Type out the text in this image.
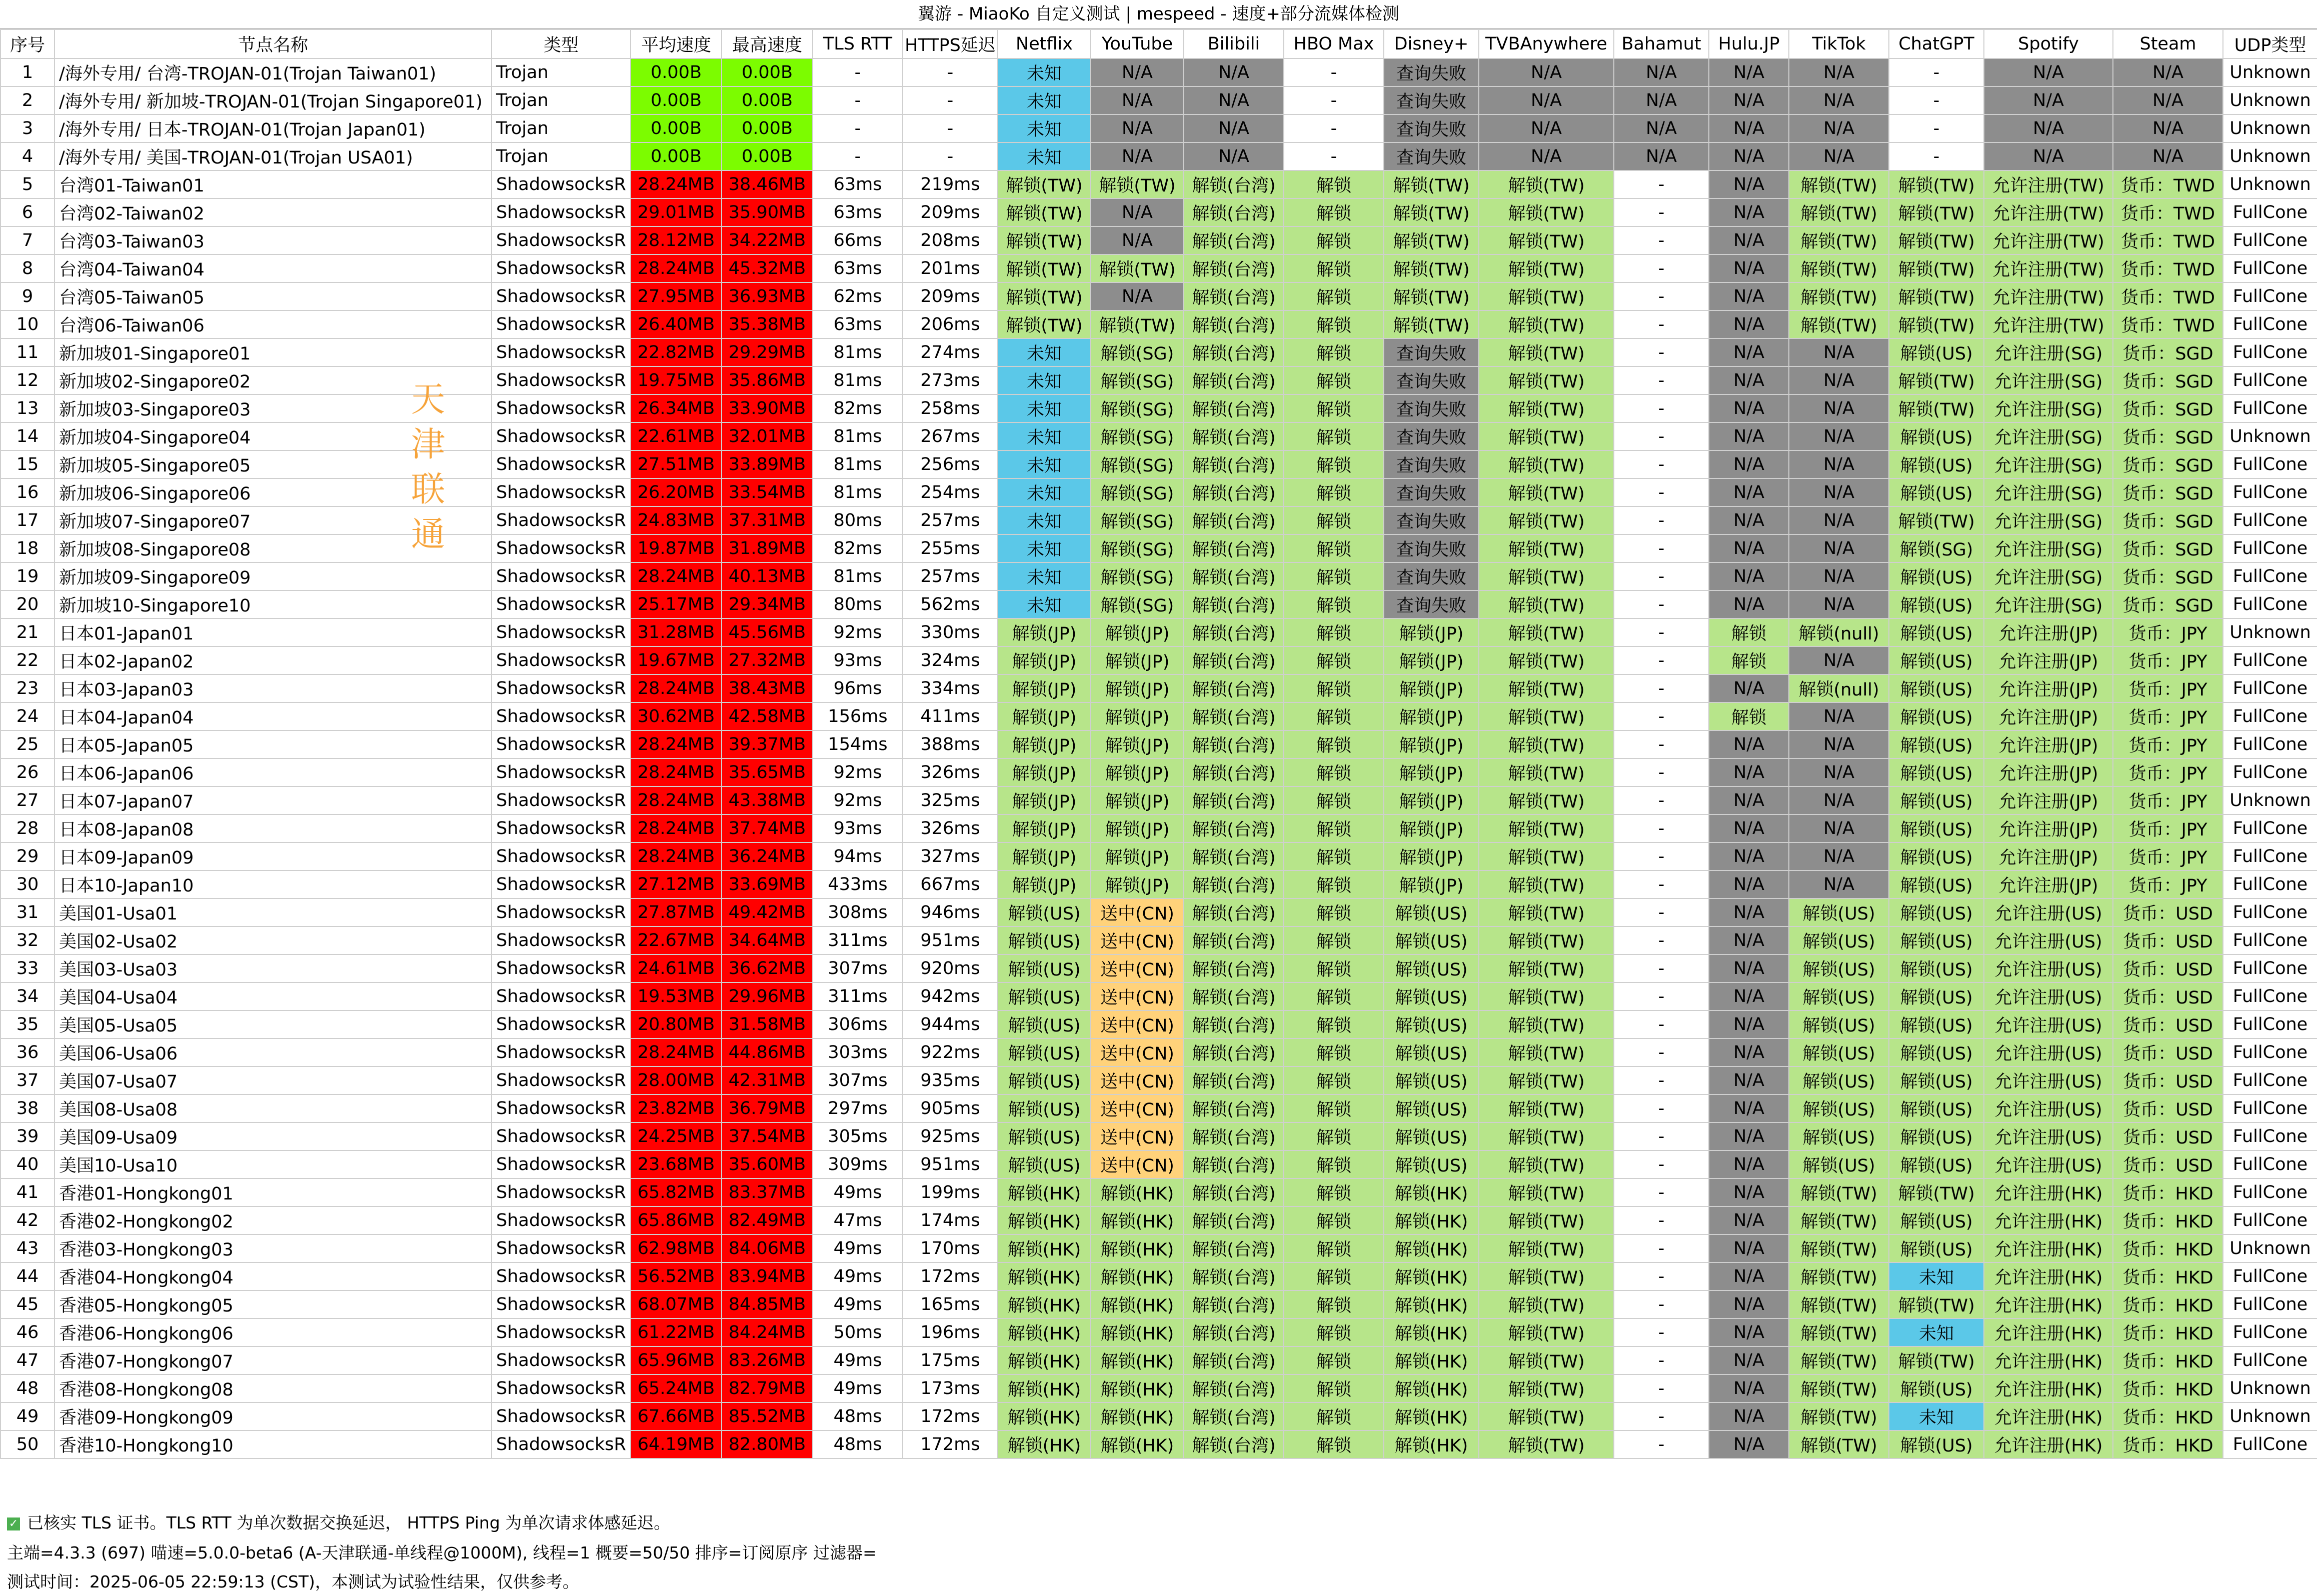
翼游 - MiaoKo 自定义测试 | mespeed - 速度+部分流媒体检测
序号	节点名称	类型	平均速度	最高速度	TLS RTT	HTTPS延迟	Netflix	YouTube	Bilibili	HBO Max	Disney+	TVBAnywhere	Bahamut	Hulu.JP	TikTok	ChatGPT	Spotify	Steam	UDP类型
1	/海外专用/ 台湾-TROJAN-01(Trojan Taiwan01)	Trojan	0.00B	0.00B	-	-	未知	N/A	N/A	-	查询失败	N/A	N/A	N/A	N/A	-	N/A	N/A	Unknown
2	/海外专用/ 新加坡-TROJAN-01(Trojan Singapore01)	Trojan	0.00B	0.00B	-	-	未知	N/A	N/A	-	查询失败	N/A	N/A	N/A	N/A	-	N/A	N/A	Unknown
3	/海外专用/ 日本-TROJAN-01(Trojan Japan01)	Trojan	0.00B	0.00B	-	-	未知	N/A	N/A	-	查询失败	N/A	N/A	N/A	N/A	-	N/A	N/A	Unknown
4	/海外专用/ 美国-TROJAN-01(Trojan USA01)	Trojan	0.00B	0.00B	-	-	未知	N/A	N/A	-	查询失败	N/A	N/A	N/A	N/A	-	N/A	N/A	Unknown
5	台湾01-Taiwan01	ShadowsocksR	28.24MB	38.46MB	63ms	219ms	解锁(TW)	解锁(TW)	解锁(台湾)	解锁	解锁(TW)	解锁(TW)	-	N/A	解锁(TW)	解锁(TW)	允许注册(TW)	货币：TWD	Unknown
6	台湾02-Taiwan02	ShadowsocksR	29.01MB	35.90MB	63ms	209ms	解锁(TW)	N/A	解锁(台湾)	解锁	解锁(TW)	解锁(TW)	-	N/A	解锁(TW)	解锁(TW)	允许注册(TW)	货币：TWD	FullCone
7	台湾03-Taiwan03	ShadowsocksR	28.12MB	34.22MB	66ms	208ms	解锁(TW)	N/A	解锁(台湾)	解锁	解锁(TW)	解锁(TW)	-	N/A	解锁(TW)	解锁(TW)	允许注册(TW)	货币：TWD	FullCone
8	台湾04-Taiwan04	ShadowsocksR	28.24MB	45.32MB	63ms	201ms	解锁(TW)	解锁(TW)	解锁(台湾)	解锁	解锁(TW)	解锁(TW)	-	N/A	解锁(TW)	解锁(TW)	允许注册(TW)	货币：TWD	FullCone
9	台湾05-Taiwan05	ShadowsocksR	27.95MB	36.93MB	62ms	209ms	解锁(TW)	N/A	解锁(台湾)	解锁	解锁(TW)	解锁(TW)	-	N/A	解锁(TW)	解锁(TW)	允许注册(TW)	货币：TWD	FullCone
10	台湾06-Taiwan06	ShadowsocksR	26.40MB	35.38MB	63ms	206ms	解锁(TW)	解锁(TW)	解锁(台湾)	解锁	解锁(TW)	解锁(TW)	-	N/A	解锁(TW)	解锁(TW)	允许注册(TW)	货币：TWD	FullCone
11	新加坡01-Singapore01	ShadowsocksR	22.82MB	29.29MB	81ms	274ms	未知	解锁(SG)	解锁(台湾)	解锁	查询失败	解锁(TW)	-	N/A	N/A	解锁(US)	允许注册(SG)	货币：SGD	FullCone
12	新加坡02-Singapore02	ShadowsocksR	19.75MB	35.86MB	81ms	273ms	未知	解锁(SG)	解锁(台湾)	解锁	查询失败	解锁(TW)	-	N/A	N/A	解锁(TW)	允许注册(SG)	货币：SGD	FullCone
13	新加坡03-Singapore03	ShadowsocksR	26.34MB	33.90MB	82ms	258ms	未知	解锁(SG)	解锁(台湾)	解锁	查询失败	解锁(TW)	-	N/A	N/A	解锁(TW)	允许注册(SG)	货币：SGD	FullCone
14	新加坡04-Singapore04	ShadowsocksR	22.61MB	32.01MB	81ms	267ms	未知	解锁(SG)	解锁(台湾)	解锁	查询失败	解锁(TW)	-	N/A	N/A	解锁(US)	允许注册(SG)	货币：SGD	Unknown
15	新加坡05-Singapore05	ShadowsocksR	27.51MB	33.89MB	81ms	256ms	未知	解锁(SG)	解锁(台湾)	解锁	查询失败	解锁(TW)	-	N/A	N/A	解锁(US)	允许注册(SG)	货币：SGD	FullCone
16	新加坡06-Singapore06	ShadowsocksR	26.20MB	33.54MB	81ms	254ms	未知	解锁(SG)	解锁(台湾)	解锁	查询失败	解锁(TW)	-	N/A	N/A	解锁(US)	允许注册(SG)	货币：SGD	FullCone
17	新加坡07-Singapore07	ShadowsocksR	24.83MB	37.31MB	80ms	257ms	未知	解锁(SG)	解锁(台湾)	解锁	查询失败	解锁(TW)	-	N/A	N/A	解锁(TW)	允许注册(SG)	货币：SGD	FullCone
18	新加坡08-Singapore08	ShadowsocksR	19.87MB	31.89MB	82ms	255ms	未知	解锁(SG)	解锁(台湾)	解锁	查询失败	解锁(TW)	-	N/A	N/A	解锁(SG)	允许注册(SG)	货币：SGD	FullCone
19	新加坡09-Singapore09	ShadowsocksR	28.24MB	40.13MB	81ms	257ms	未知	解锁(SG)	解锁(台湾)	解锁	查询失败	解锁(TW)	-	N/A	N/A	解锁(US)	允许注册(SG)	货币：SGD	FullCone
20	新加坡10-Singapore10	ShadowsocksR	25.17MB	29.34MB	80ms	562ms	未知	解锁(SG)	解锁(台湾)	解锁	查询失败	解锁(TW)	-	N/A	N/A	解锁(US)	允许注册(SG)	货币：SGD	FullCone
21	日本01-Japan01	ShadowsocksR	31.28MB	45.56MB	92ms	330ms	解锁(JP)	解锁(JP)	解锁(台湾)	解锁	解锁(JP)	解锁(TW)	-	解锁	解锁(null)	解锁(US)	允许注册(JP)	货币：JPY	Unknown
22	日本02-Japan02	ShadowsocksR	19.67MB	27.32MB	93ms	324ms	解锁(JP)	解锁(JP)	解锁(台湾)	解锁	解锁(JP)	解锁(TW)	-	解锁	N/A	解锁(US)	允许注册(JP)	货币：JPY	FullCone
23	日本03-Japan03	ShadowsocksR	28.24MB	38.43MB	96ms	334ms	解锁(JP)	解锁(JP)	解锁(台湾)	解锁	解锁(JP)	解锁(TW)	-	N/A	解锁(null)	解锁(US)	允许注册(JP)	货币：JPY	FullCone
24	日本04-Japan04	ShadowsocksR	30.62MB	42.58MB	156ms	411ms	解锁(JP)	解锁(JP)	解锁(台湾)	解锁	解锁(JP)	解锁(TW)	-	解锁	N/A	解锁(US)	允许注册(JP)	货币：JPY	FullCone
25	日本05-Japan05	ShadowsocksR	28.24MB	39.37MB	154ms	388ms	解锁(JP)	解锁(JP)	解锁(台湾)	解锁	解锁(JP)	解锁(TW)	-	N/A	N/A	解锁(US)	允许注册(JP)	货币：JPY	FullCone
26	日本06-Japan06	ShadowsocksR	28.24MB	35.65MB	92ms	326ms	解锁(JP)	解锁(JP)	解锁(台湾)	解锁	解锁(JP)	解锁(TW)	-	N/A	N/A	解锁(US)	允许注册(JP)	货币：JPY	FullCone
27	日本07-Japan07	ShadowsocksR	28.24MB	43.38MB	92ms	325ms	解锁(JP)	解锁(JP)	解锁(台湾)	解锁	解锁(JP)	解锁(TW)	-	N/A	N/A	解锁(US)	允许注册(JP)	货币：JPY	Unknown
28	日本08-Japan08	ShadowsocksR	28.24MB	37.74MB	93ms	326ms	解锁(JP)	解锁(JP)	解锁(台湾)	解锁	解锁(JP)	解锁(TW)	-	N/A	N/A	解锁(US)	允许注册(JP)	货币：JPY	FullCone
29	日本09-Japan09	ShadowsocksR	28.24MB	36.24MB	94ms	327ms	解锁(JP)	解锁(JP)	解锁(台湾)	解锁	解锁(JP)	解锁(TW)	-	N/A	N/A	解锁(US)	允许注册(JP)	货币：JPY	FullCone
30	日本10-Japan10	ShadowsocksR	27.12MB	33.69MB	433ms	667ms	解锁(JP)	解锁(JP)	解锁(台湾)	解锁	解锁(JP)	解锁(TW)	-	N/A	N/A	解锁(US)	允许注册(JP)	货币：JPY	FullCone
31	美国01-Usa01	ShadowsocksR	27.87MB	49.42MB	308ms	946ms	解锁(US)	送中(CN)	解锁(台湾)	解锁	解锁(US)	解锁(TW)	-	N/A	解锁(US)	解锁(US)	允许注册(US)	货币：USD	FullCone
32	美国02-Usa02	ShadowsocksR	22.67MB	34.64MB	311ms	951ms	解锁(US)	送中(CN)	解锁(台湾)	解锁	解锁(US)	解锁(TW)	-	N/A	解锁(US)	解锁(US)	允许注册(US)	货币：USD	FullCone
33	美国03-Usa03	ShadowsocksR	24.61MB	36.62MB	307ms	920ms	解锁(US)	送中(CN)	解锁(台湾)	解锁	解锁(US)	解锁(TW)	-	N/A	解锁(US)	解锁(US)	允许注册(US)	货币：USD	FullCone
34	美国04-Usa04	ShadowsocksR	19.53MB	29.96MB	311ms	942ms	解锁(US)	送中(CN)	解锁(台湾)	解锁	解锁(US)	解锁(TW)	-	N/A	解锁(US)	解锁(US)	允许注册(US)	货币：USD	FullCone
35	美国05-Usa05	ShadowsocksR	20.80MB	31.58MB	306ms	944ms	解锁(US)	送中(CN)	解锁(台湾)	解锁	解锁(US)	解锁(TW)	-	N/A	解锁(US)	解锁(US)	允许注册(US)	货币：USD	FullCone
36	美国06-Usa06	ShadowsocksR	28.24MB	44.86MB	303ms	922ms	解锁(US)	送中(CN)	解锁(台湾)	解锁	解锁(US)	解锁(TW)	-	N/A	解锁(US)	解锁(US)	允许注册(US)	货币：USD	FullCone
37	美国07-Usa07	ShadowsocksR	28.00MB	42.31MB	307ms	935ms	解锁(US)	送中(CN)	解锁(台湾)	解锁	解锁(US)	解锁(TW)	-	N/A	解锁(US)	解锁(US)	允许注册(US)	货币：USD	FullCone
38	美国08-Usa08	ShadowsocksR	23.82MB	36.79MB	297ms	905ms	解锁(US)	送中(CN)	解锁(台湾)	解锁	解锁(US)	解锁(TW)	-	N/A	解锁(US)	解锁(US)	允许注册(US)	货币：USD	FullCone
39	美国09-Usa09	ShadowsocksR	24.25MB	37.54MB	305ms	925ms	解锁(US)	送中(CN)	解锁(台湾)	解锁	解锁(US)	解锁(TW)	-	N/A	解锁(US)	解锁(US)	允许注册(US)	货币：USD	FullCone
40	美国10-Usa10	ShadowsocksR	23.68MB	35.60MB	309ms	951ms	解锁(US)	送中(CN)	解锁(台湾)	解锁	解锁(US)	解锁(TW)	-	N/A	解锁(US)	解锁(US)	允许注册(US)	货币：USD	FullCone
41	香港01-Hongkong01	ShadowsocksR	65.82MB	83.37MB	49ms	199ms	解锁(HK)	解锁(HK)	解锁(台湾)	解锁	解锁(HK)	解锁(TW)	-	N/A	解锁(TW)	解锁(TW)	允许注册(HK)	货币：HKD	FullCone
42	香港02-Hongkong02	ShadowsocksR	65.86MB	82.49MB	47ms	174ms	解锁(HK)	解锁(HK)	解锁(台湾)	解锁	解锁(HK)	解锁(TW)	-	N/A	解锁(TW)	解锁(US)	允许注册(HK)	货币：HKD	FullCone
43	香港03-Hongkong03	ShadowsocksR	62.98MB	84.06MB	49ms	170ms	解锁(HK)	解锁(HK)	解锁(台湾)	解锁	解锁(HK)	解锁(TW)	-	N/A	解锁(TW)	解锁(US)	允许注册(HK)	货币：HKD	Unknown
44	香港04-Hongkong04	ShadowsocksR	56.52MB	83.94MB	49ms	172ms	解锁(HK)	解锁(HK)	解锁(台湾)	解锁	解锁(HK)	解锁(TW)	-	N/A	解锁(TW)	未知	允许注册(HK)	货币：HKD	FullCone
45	香港05-Hongkong05	ShadowsocksR	68.07MB	84.85MB	49ms	165ms	解锁(HK)	解锁(HK)	解锁(台湾)	解锁	解锁(HK)	解锁(TW)	-	N/A	解锁(TW)	解锁(TW)	允许注册(HK)	货币：HKD	FullCone
46	香港06-Hongkong06	ShadowsocksR	61.22MB	84.24MB	50ms	196ms	解锁(HK)	解锁(HK)	解锁(台湾)	解锁	解锁(HK)	解锁(TW)	-	N/A	解锁(TW)	未知	允许注册(HK)	货币：HKD	FullCone
47	香港07-Hongkong07	ShadowsocksR	65.96MB	83.26MB	49ms	175ms	解锁(HK)	解锁(HK)	解锁(台湾)	解锁	解锁(HK)	解锁(TW)	-	N/A	解锁(TW)	解锁(TW)	允许注册(HK)	货币：HKD	FullCone
48	香港08-Hongkong08	ShadowsocksR	65.24MB	82.79MB	49ms	173ms	解锁(HK)	解锁(HK)	解锁(台湾)	解锁	解锁(HK)	解锁(TW)	-	N/A	解锁(TW)	解锁(US)	允许注册(HK)	货币：HKD	Unknown
49	香港09-Hongkong09	ShadowsocksR	67.66MB	85.52MB	48ms	172ms	解锁(HK)	解锁(HK)	解锁(台湾)	解锁	解锁(HK)	解锁(TW)	-	N/A	解锁(TW)	未知	允许注册(HK)	货币：HKD	Unknown
50	香港10-Hongkong10	ShadowsocksR	64.19MB	82.80MB	48ms	172ms	解锁(HK)	解锁(HK)	解锁(台湾)	解锁	解锁(HK)	解锁(TW)	-	N/A	解锁(TW)	解锁(US)	允许注册(HK)	货币：HKD	FullCone
天
津
联
通
✓ 已核实 TLS 证书。TLS RTT 为单次数据交换延迟， HTTPS Ping 为单次请求体感延迟。
主端=4.3.3 (697) 喵速=5.0.0-beta6 (A-天津联通-单线程@1000M), 线程=1 概要=50/50 排序=订阅原序 过滤器=
测试时间：2025-06-05 22:59:13 (CST)，本测试为试验性结果，仅供参考。
